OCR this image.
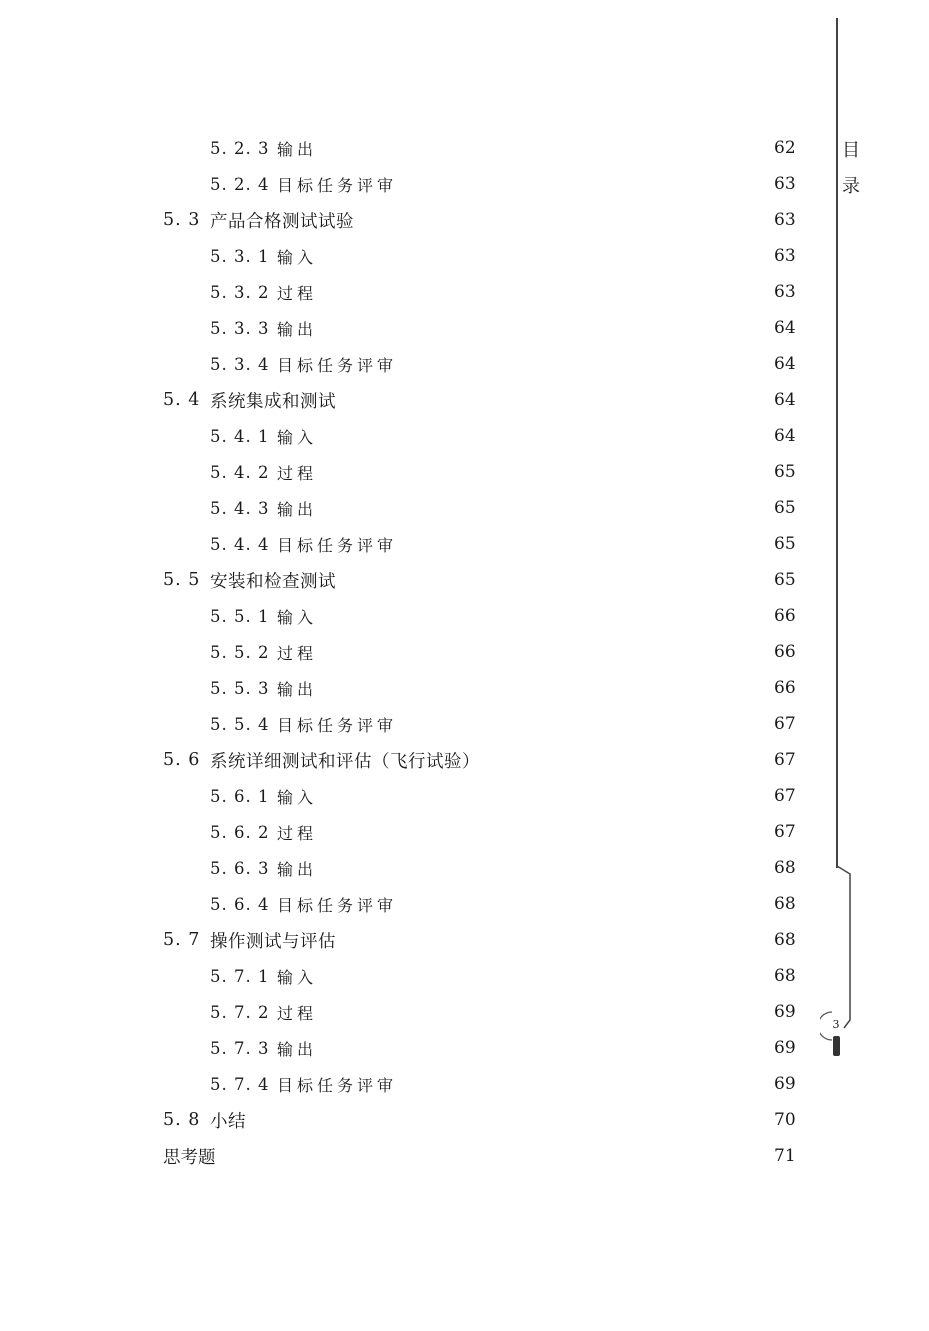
目
录
3
5. 2. 3 输出	62
5. 2. 4 目标任务评审	63
5. 3 产品合格测试试验	63
5. 3. 1 输入	63
5. 3. 2 过程	63
5. 3. 3 输出	64
5. 3. 4 目标任务评审	64
5. 4 系统集成和测试	64
5. 4. 1 输入	64
5. 4. 2 过程	65
5. 4. 3 输出	65
5. 4. 4 目标任务评审	65
5. 5 安装和检查测试	65
5. 5. 1 输入	66
5. 5. 2 过程	66
5. 5. 3 输出	66
5. 5. 4 目标任务评审	67
5. 6 系统详细测试和评估（飞行试验）	67
5. 6. 1 输入	67
5. 6. 2 过程	67
5. 6. 3 输出	68
5. 6. 4 目标任务评审	68
5. 7 操作测试与评估	68
5. 7. 1 输入	68
5. 7. 2 过程	69
5. 7. 3 输出	69
5. 7. 4 目标任务评审	69
5. 8 小结	70
思考题	71
